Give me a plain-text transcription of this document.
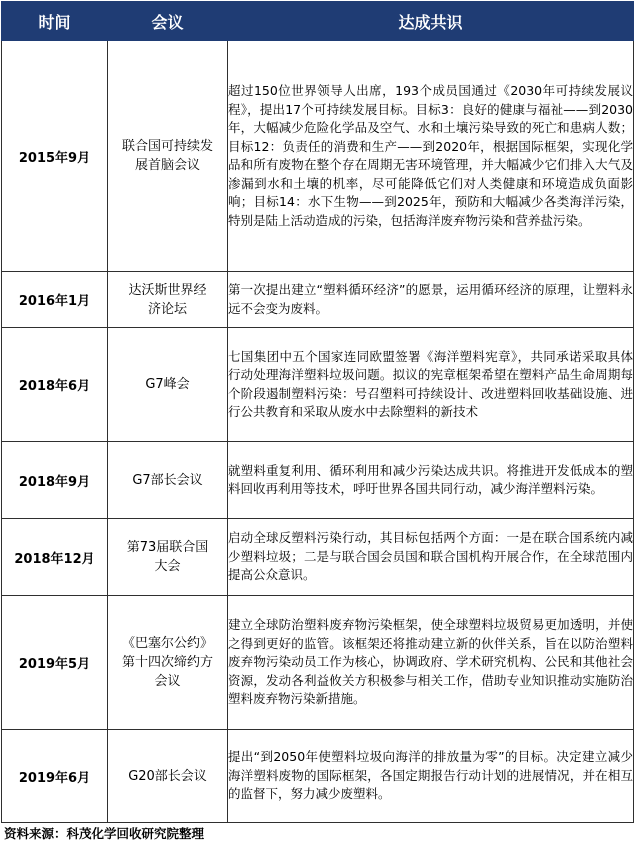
时间	会议	达成共识
2015年9月	联合国可持续发展首脑会议	超过150位世界领导人出席，193个成员国通过《2030年可持续发展议程》，提出17个可持续发展目标。目标3：良好的健康与福祉——到2030年，大幅减少危险化学品及空气、水和土壤污染导致的死亡和患病人数；目标12：负责任的消费和生产——到2020年，根据国际框架，实现化学品和所有废物在整个存在周期无害环境管理，并大幅减少它们排入大气及渗漏到水和土壤的机率，尽可能降低它们对人类健康和环境造成负面影响；目标14：水下生物——到2025年，预防和大幅减少各类海洋污染，特别是陆上活动造成的污染，包括海洋废弃物污染和营养盐污染。
2016年1月	达沃斯世界经济论坛	第一次提出建立“塑料循环经济”的愿景，运用循环经济的原理，让塑料永远不会变为废料。
2018年6月	G7峰会	七国集团中五个国家连同欧盟签署《海洋塑料宪章》，共同承诺采取具体行动处理海洋塑料垃圾问题。拟议的宪章框架希望在塑料产品生命周期每个阶段遏制塑料污染：号召塑料可持续设计、改进塑料回收基础设施、进行公共教育和采取从废水中去除塑料的新技术
2018年9月	G7部长会议	就塑料重复利用、循环利用和减少污染达成共识。将推进开发低成本的塑料回收再利用等技术，呼吁世界各国共同行动，减少海洋塑料污染。
2018年12月	第73届联合国大会	启动全球反塑料污染行动，其目标包括两个方面：一是在联合国系统内减少塑料垃圾；二是与联合国会员国和联合国机构开展合作，在全球范围内提高公众意识。
2019年5月	《巴塞尔公约》第十四次缔约方会议	建立全球防治塑料废弃物污染框架，使全球塑料垃圾贸易更加透明，并使之得到更好的监管。该框架还将推动建立新的伙伴关系，旨在以防治塑料废弃物污染动员工作为核心，协调政府、学术研究机构、公民和其他社会资源，发动各利益攸关方积极参与相关工作，借助专业知识推动实施防治塑料废弃物污染新措施。
2019年6月	G20部长会议	提出“到2050年使塑料垃圾向海洋的排放量为零”的目标。决定建立减少海洋塑料废物的国际框架，各国定期报告行动计划的进展情况，并在相互的监督下，努力减少废塑料。
资料来源：科茂化学回收研究院整理
